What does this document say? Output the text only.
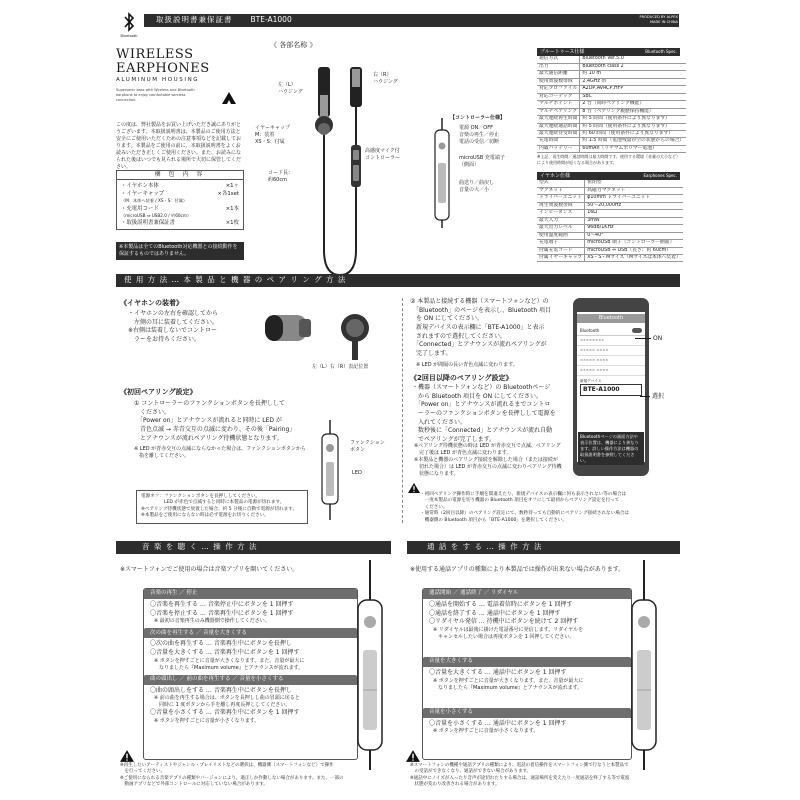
Bluetooth
取扱説明書兼保証書 BTE-A1000	PRODUCED BY ALPEX
MADE IN CHINA
WIRELESS
EARPHONES
ALUMINUM HOUSING
Supersonic bass with Wireless and Bluetooth earphone to enjoy comfortable wireless connection.
この度は、弊社製品をお買い上げいただき誠にありがとうございます。本取扱説明書は、本製品のご使用方法と安全にご使用いただくための注意事項などを記載しております。本製品をご使用の前に、本取扱説明書をよくお読みいただき正しくご使用ください。また、お読みになられた後はいつでも見られる場所で大切に保管してください。
梱 包 内 容
・イヤホン本体	×1ヶ
・イヤーキャップ	×各1set
（M：本体へ装着 / XS・S：付属）
・充電用コード	×1本
（microUSB ⇔ USB2.0 / 約60cm）
・取扱説明書兼保証書	×1枚
※本製品は全てのBluetooth対応機器との接続動作を保証するものではありません。
《 各部名称 》
左（L）
ハウジング
右（R）
ハウジング
イヤーキャップ
M：装着
XS・S：付属
コード長：
約60cm
高感度マイク付
コントローラー
【コントローラー仕様】
電源 ON／OFF
音楽の再生／停止
電話の受信／切断
microUSB 充電端子
（側面）
曲送り／曲戻し
音量の大／小
ブルートゥース仕様	Bluetooth Spec.
通信方式	Bluetooth Ver.5.0
出力	Bluetooth class 2
最大通信距離	約 10 m
使用周波数帯域	2.4GHz 帯
対応プロファイル	A2DP,AVRCP,HFP
対応コーデック	SBC
マルチポイント	2 台（同時ペアリング機能）
マルチペアリング	8 台（ペアリング履歴保持機能）
最大連続再生時間	約 5 時間（使用条件により異なります）
最大連続通話時間	約 5 時間（使用条件により異なります）
最大連続待受時間	約 60 時間（使用条件により異なります）
充電時間	約 1.5 時間（電池残量が空の状態からの場合）
内蔵バッテリー	60mAh（リチウムポリマー電池）
※上記、再生時間／通話時間は最大時間です。使用する環境（音量の大小など）により使用時間が短くなる場合があります。
イヤホン仕様	Earphones Spec.
型式	密閉型
マグネット	高磁力マグネット
ドライバーユニット	φ10mm ドライバーユニット
再生周波数帯域	50〜20,000Hz
インピーダンス	16Ω
最大入力	3mW
最大出力レベル	96dB/1KHz
使用温度範囲	0〜40°
充電端子	microUSB 端子（コントローラー側面）
付属充電コード	microUSB ⇔ USB（長さ：約 60cm）
付属イヤーキャップ	XS・S・Mサイズ（Mサイズは本体へ装着）
使 用 方 法 … 本 製 品 と 機 器 の ペ ア リ ン グ 方 法
《イヤホンの装着》
・イヤホンの左右を確認してから
　左側の耳に装着してください。
※右側は装着しないでコントロー
　ラーをお持ちください。
左（L）右（R）表記位置
《初回ペアリング設定》
① コントローラーのファンクションボタンを長押しして
　ください。
　「Power on」とアナウンスが流れると同時に LED が
　青色点滅 → 赤青交互の点滅に変わり、その後「Pairing」
　とアナウンスが流れペアリング待機状態となります。
※ LED が青赤交互の点滅にならなかった場合は、ファンクションボタンから
　指を離してください。
ファンクション
ボタン
LED
電源オフ：ファンクションボタンを長押ししてください。
　　　　　LED が赤色で点滅すると同時に本製品の電源が切れます。
※ペアリング待機状態で放置した場合、約 5 分後に自動で電源が切れます。
※本製品をご使用にならない時は必ず電源をお切りください。
② 本製品と接続する機器（スマートフォンなど）の
　「Bluetooth」のページを表示し、Bluetooth 項目
　を ON にしてください。
　新規デバイスの表示欄に「BTE-A1000」と表示
　されますので選択してください。
　「Connected」とアナウンスが流れペアリングが
　完了します。
※ LED が間隔の長い青色点滅に変わります。
《2回目以降のペアリング設定》
・機器（スマートフォンなど）の Bluetoothページ
　から Bluetooth 項目を ON にしてください。
　「Power on」とアナウンスが流れるまでコントロ
　ーラーのファンクションボタンを長押しして電源を
　入れてください。
　数秒後に「Connected」とアナウンスが流れ自動
　でペアリングが完了します。
※ペアリング待機状態の時は LED が青赤交互で点滅、ペアリング
　完了後は LED が青色点滅に変わります。
※本製品と機器のペアリング接続を解除した場合（または接続が
　切れた場合）は LED が青赤交互の点滅に変わりペアリング待機
　状態になります。
Bluetooth
Bluetooth
××××××××
××××× ××××
××××× ××××
××××× ××××
新規デバイス
BTE-A1000
ON
選択
Bluetoothページの画面方法や表示位置は、機器により異なります。詳しい操作方法は機器の取扱説明書を参照してください。
・初回ペアリング操作時に手順を間違えたり、新規デバイスの表示欄に何も表示されない等の場合は
　一度本製品の電源を切り機器の Bluetooth 項目をオフにして最初からペアリング設定を行って
　ください。
・通常時（2回目以降）のペアリング設定にて、数秒待っても自動的にペアリング接続されない場合は
　機器側の Bluetooth 項目から「BTE-A1000」を選択してください。
音 楽 を 聴 く … 操 作 方 法
※スマートフォンでご使用の場合は音楽アプリを開いてください。
音楽の再生 ／ 停止
〇音楽を再生する … 音楽停止中にボタンを 1 回押す
〇音楽を停止する … 音楽再生中にボタンを 1 回押す
※ 最初の音楽再生のみ機器側で操作してください。
次の曲を再生する ／ 音量を大きくする
〇次の曲を再生する … 音楽再生中にボタンを長押し
〇音量を大きくする … 音楽再生中にボタンを 1 回押す
※ ボタンを押すごとに音量が大きくなります。また、音量が最大に
　なりましたら『Maximum volume』とアナウンスが流れます。
曲の頭出し ／ 前の曲を再生する ／ 音量を小さくする
〇曲の頭出しをする … 音楽再生中にボタンを長押し
※ 前の曲を再生する場合は、ボタンを長押しし曲の冒頭に戻ると
　同時に 1 度ボタンから手を離し再度長押ししてください。
〇音量を小さくする … 音楽再生中にボタンを 1 回押す
※ ボタンを押すごとに音量が小さくなります。
※再生したいアーティストやジャンル・プレイリストなどの選択は、機器側（スマートフォンなど）で操作
　を行ってください。
※ご使用になられる音楽アプリの種類やバージョンにより、適正しか作動しない場合があります。また、一部の
　動画アプリなどで外部コントロールに対応していない場合があります。
通 話 を す る … 操 作 方 法
※使用する通話アプリの種類により本製品では操作が出来ない場合があります。
通話開始 ／ 通話終了 ／ リダイヤル
〇通話を開始する … 電話着信時にボタンを 1 回押す
〇通話を終了する … 通話中にボタンを 1 回押す
〇リダイヤル発信 … 待機中にボタンを続けて 2 回押す
※ リダイヤルは最後に掛けた電話番号に発信します。リダイヤルを
　キャンセルしたい場合は再度ボタンを 1 回押してください。
音量を大きくする
〇音量を大きくする … 通話中にボタンを 1 回押す
※ ボタンを押すごとに音量が大きくなります。また、音量が最大に
　なりましたら『Maximum volume』とアナウンスが流れます。
音量を小さくする
〇音量を小さくする … 通話中にボタンを 1 回押す
※ ボタンを押すごとに音量が小さくなります。
※スマートフォンの機種や通話アプリの種類により、電話の着信操作をスマートフォン側で行なうと本製品で
　の受話ができなくなり、通話ができない場合があります。
※通話中にノイズが入ったり音声が途切れたりする場合は、通話場所を変えたり一度通話を終了する等で電波
　状態が変わり改善される場合があります。
